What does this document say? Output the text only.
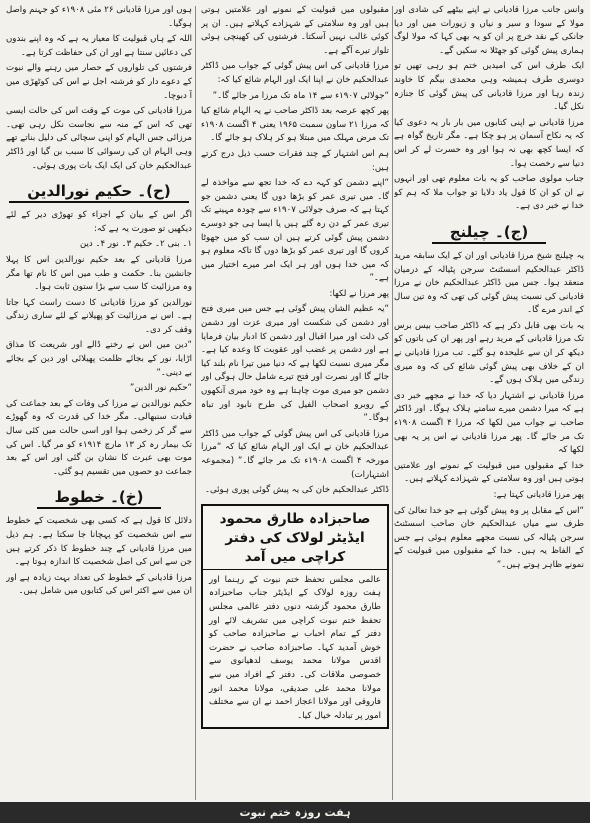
وانس جانب مرزا قادیانی نے اپنے بیٹھے کی شادی اور مولا کے سودا و سیر و نیاں و زیورات میں اور دیا جانکی کے نقد خرچ پر ان کو یہ بھی کہا کہ مولا لوگ ہماری پیش گوئی کو جھٹلا نہ سکیں گے۔

ایک طرف اس کی امیدیں ختم ہو رہی تھیں تو دوسری طرف ہمیشہ وہی محمدی بیگم کا خاوند زندہ رہا اور مرزا قادیانی کی پیش گوئی کا جنازہ نکل گیا۔

مرزا قادیانی نے اپنی کتابوں میں بار بار یہ دعوی کیا کہ یہ نکاح آسمان پر ہو چکا ہے۔ مگر تاریخ گواہ ہے کہ ایسا کچھ بھی نہ ہوا اور وہ حسرت لے کر اس دنیا سے رخصت ہوا۔

جناب مولوی صاحب کو یہ بات معلوم تھی اور انہوں نے ان کو ان کا قول یاد دلایا تو جواب ملا کہ ہم کو خدا نے خبر دی ہے۔

(ج)۔ چیلنج

یہ چیلنج شیخ مرزا قادیانی اور ان کے ایک سابقہ مرید ڈاکٹر عبدالحکیم اسسٹنٹ سرجن پٹیالہ کے درمیان منعقد ہوا۔ جس میں ڈاکٹر عبدالحکیم خان نے مرزا قادیانی کی نسبت پیش گوئی کی تھی کہ وہ تین سال کے اندر مرے گا۔

یہ بات بھی قابل ذکر ہے کہ ڈاکٹر صاحب بیس برس تک مرزا قادیانی کے مرید رہے اور پھر ان کی باتوں کو دیکھ کر ان سے علیحدہ ہو گئے۔ تب مرزا قادیانی نے ان کے خلاف بھی پیش گوئی شائع کی کہ وہ میری زندگی میں ہلاک ہوں گے۔

مرزا قادیانی نے اشتہار دیا کہ خدا نے مجھے خبر دی ہے کہ میرا دشمن میرے سامنے ہلاک ہوگا۔ اور ڈاکٹر صاحب نے جواب میں لکھا کہ مرزا ۴ اگست ۱۹۰۸ء تک مر جائے گا۔ پھر مرزا قادیانی نے اس پر یہ بھی لکھا کہ

خدا کے مقبولوں میں قبولیت کے نمونے اور علامتیں ہوتی ہیں اور وہ سلامتی کے شہزادے کہلاتے ہیں۔

پھر مرزا قادیانی کہتا ہے:

“اس کے مقابل پر وہ پیش گوئی ہے جو خدا تعالیٰ کی طرف سے میاں عبدالحکیم خان صاحب اسسٹنٹ سرجن پٹیالہ کی نسبت مجھے معلوم ہوئی ہے جس کے الفاظ یہ ہیں۔ خدا کے مقبولوں میں قبولیت کے نمونے ظاہر ہوتے ہیں۔”

مقبولوں میں قبولیت کے نمونے اور علامتیں ہوتی ہیں اور وہ سلامتی کے شہزادے کہلاتے ہیں۔ ان پر کوئی غالب نہیں آسکتا۔ فرشتوں کی کھینچی ہوئی تلوار تیرے آگے ہے۔

مرزا قادیانی کی اس پیش گوئی کے جواب میں ڈاکٹر عبدالحکیم خان نے اپنا ایک اور الہام شائع کیا کہ:

“جولائی ۱۹۰۷ء سے ۱۴ ماہ تک مرزا مر جائے گا۔”

پھر کچھ عرصہ بعد ڈاکٹر صاحب نے یہ الہام شائع کیا کہ مرزا ۲۱ ساون سمبت ۱۹۶۵ یعنی ۴ اگست ۱۹۰۸ء تک مرض مہلک میں مبتلا ہو کر ہلاک ہو جائے گا۔

ہم اس اشتہار کے چند فقرات حسب ذیل درج کرتے ہیں:

“اپنے دشمن کو کہہ دے کہ خدا تجھ سے مواخذہ لے گا۔ میں تیری عمر کو بڑھا دوں گا یعنی دشمن جو کہتا ہے کہ صرف جولائی ۱۹۰۷ء سے چودہ مہینے تک تیری عمر کے دن رہ گئے ہیں یا ایسا ہی جو دوسرے دشمن پیش گوئی کرتے ہیں ان سب کو میں جھوٹا کروں گا اور تیری عمر کو بڑھا دوں گا تاکہ معلوم ہو کہ میں خدا ہوں اور ہر ایک امر میرے اختیار میں ہے۔”

پھر مرزا نے لکھا:

“یہ عظیم الشان پیش گوئی ہے جس میں میری فتح اور دشمن کی شکست اور میری عزت اور دشمن کی ذلت اور میرا اقبال اور دشمن کا ادبار بیان فرمایا ہے اور دشمن پر غضب اور عقوبت کا وعدہ کیا ہے۔ مگر میری نسبت لکھا ہے کہ دنیا میں تیرا نام بلند کیا جائے گا اور نصرت اور فتح تیرے شامل حال ہوگی اور دشمن جو میری موت چاہتا ہے وہ خود میری آنکھوں کے روبرو اصحاب الفیل کی طرح نابود اور تباہ ہوگا۔”

مرزا قادیانی کی اس پیش گوئی کے جواب میں ڈاکٹر عبدالحکیم خان نے ایک اور الہام شائع کیا کہ “مرزا مورخہ ۴ اگست ۱۹۰۸ء تک مر جائے گا۔” (مجموعہ اشتہارات)

ڈاکٹر عبدالحکیم خان کی یہ پیش گوئی پوری ہوئی۔

صاحبزادہ طارق محمود ایڈیٹر لولاک کی دفتر کراچی میں آمد
عالمی مجلس تحفظ ختم نبوت کے رہنما اور ہفت روزہ لولاک کے ایڈیٹر جناب صاحبزادہ طارق محمود گزشتہ دنوں دفتر عالمی مجلس تحفظ ختم نبوت کراچی میں تشریف لائے اور دفتر کے تمام احباب نے صاحبزادہ صاحب کو خوش آمدید کہا۔ صاحبزادہ صاحب نے حضرت اقدس مولانا محمد یوسف لدھیانوی سے خصوصی ملاقات کی۔ دفتر کے افراد میں سے مولانا محمد علی صدیقی، مولانا محمد انور فاروقی اور مولانا اعجاز احمد نے ان سے مختلف امور پر تبادلہ خیال کیا۔

ہوں اور مرزا قادیانی ۲۶ مئی ۱۹۰۸ء کو جہنم واصل ہوگیا۔

اللہ کے ہاں قبولیت کا معیار یہ ہے کہ وہ اپنے بندوں کی دعائیں سنتا ہے اور ان کی حفاظت کرتا ہے۔

فرشتوں کی تلواروں کے حصار میں رہنے والے نبوت کے دعوے دار کو فرشتہ اجل نے اس کی کوٹھڑی میں آ دبوچا۔

مرزا قادیانی کی موت کے وقت اس کی حالت ایسی تھی کہ اس کے منہ سے نجاست نکل رہی تھی۔ مرزائی جس الہام کو اپنی سچائی کی دلیل بناتے تھے وہی الہام ان کی رسوائی کا سبب بن گیا اور ڈاکٹر عبدالحکیم خان کی ایک ایک بات پوری ہوئی۔

(ح)۔ حکیم نورالدین

اگر اس کے بیان کے اجزاء کو تھوڑی دیر کے لئے دیکھیں تو صورت یہ ہے کہ:

۱۔ بنی ۲۔ حکیم ۳۔ نور ۴۔ دین

مرزا قادیانی کے بعد حکیم نورالدین اس کا پہلا جانشین بنا۔ حکمت و طب میں اس کا نام تھا مگر وہ مرزائیت کا سب سے بڑا ستون ثابت ہوا۔

نورالدین کو مرزا قادیانی کا دست راست کہا جاتا ہے۔ اس نے مرزائیت کو پھیلانے کے لئے ساری زندگی وقف کر دی۔

“دین میں اس نے رخنے ڈالے اور شریعت کا مذاق اڑایا، نور کے بجائے ظلمت پھیلائی اور دین کے بجائے بے دینی۔”

“حکیم نور الدین”

حکیم نورالدین نے مرزا کی وفات کے بعد جماعت کی قیادت سنبھالی۔ مگر خدا کی قدرت کہ وہ گھوڑے سے گر کر زخمی ہوا اور اسی حالت میں کئی سال تک بیمار رہ کر ۱۳ مارچ ۱۹۱۴ء کو مر گیا۔ اس کی موت بھی عبرت کا نشان بن گئی اور اس کے بعد جماعت دو حصوں میں تقسیم ہو گئی۔

(خ)۔ خطوط

دلائل کا قول ہے کہ کسی بھی شخصیت کے خطوط سے اس شخصیت کو پہچانا جا سکتا ہے۔ ہم ذیل میں مرزا قادیانی کے چند خطوط کا ذکر کرتے ہیں جن سے اس کی اصل شخصیت کا اندازہ ہوتا ہے۔

مرزا قادیانی کے خطوط کی تعداد بہت زیادہ ہے اور ان میں سے اکثر اس کی کتابوں میں شامل ہیں۔

ہفت روزہ ختم نبوت
